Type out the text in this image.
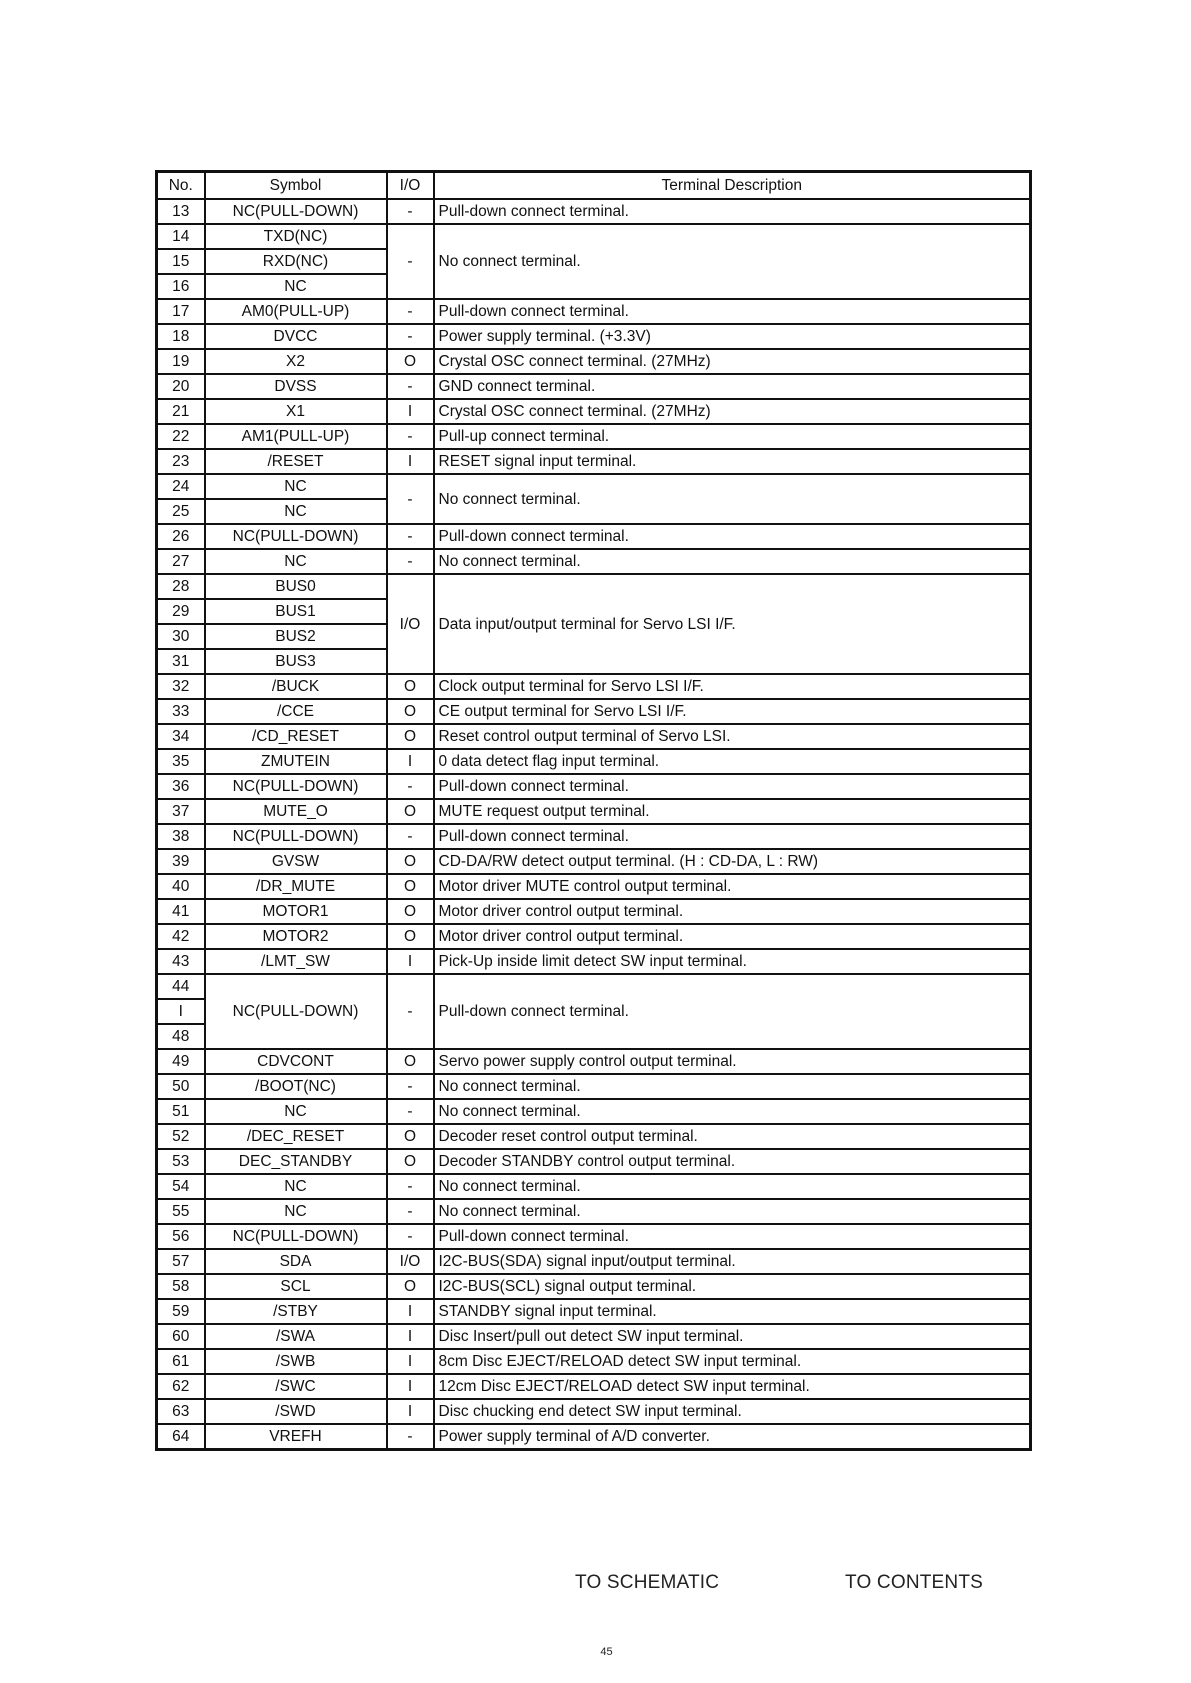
No.	Symbol	I/O	Terminal Description
13	NC(PULL-DOWN)	-	Pull-down connect terminal.
14	TXD(NC)	-	No connect terminal.
15	RXD(NC)		
16	NC		
17	AM0(PULL-UP)	-	Pull-down connect terminal.
18	DVCC	-	Power supply terminal. (+3.3V)
19	X2	O	Crystal OSC connect terminal. (27MHz)
20	DVSS	-	GND connect terminal.
21	X1	I	Crystal OSC connect terminal. (27MHz)
22	AM1(PULL-UP)	-	Pull-up connect terminal.
23	/RESET	I	RESET signal input terminal.
24	NC	-	No connect terminal.
25	NC		
26	NC(PULL-DOWN)	-	Pull-down connect terminal.
27	NC	-	No connect terminal.
28	BUS0	I/O	Data input/output terminal for Servo LSI I/F.
29	BUS1		
30	BUS2		
31	BUS3		
32	/BUCK	O	Clock output terminal for Servo LSI I/F.
33	/CCE	O	CE output terminal for Servo LSI I/F.
34	/CD_RESET	O	Reset control output terminal of Servo LSI.
35	ZMUTEIN	I	0 data detect flag input terminal.
36	NC(PULL-DOWN)	-	Pull-down connect terminal.
37	MUTE_O	O	MUTE request output terminal.
38	NC(PULL-DOWN)	-	Pull-down connect terminal.
39	GVSW	O	CD-DA/RW detect output terminal. (H : CD-DA, L : RW)
40	/DR_MUTE	O	Motor driver MUTE control output terminal.
41	MOTOR1	O	Motor driver control output terminal.
42	MOTOR2	O	Motor driver control output terminal.
43	/LMT_SW	I	Pick-Up inside limit detect SW input terminal.
44	NC(PULL-DOWN)	-	Pull-down connect terminal.
I			
48			
49	CDVCONT	O	Servo power supply control output terminal.
50	/BOOT(NC)	-	No connect terminal.
51	NC	-	No connect terminal.
52	/DEC_RESET	O	Decoder reset control output terminal.
53	DEC_STANDBY	O	Decoder STANDBY control output terminal.
54	NC	-	No connect terminal.
55	NC	-	No connect terminal.
56	NC(PULL-DOWN)	-	Pull-down connect terminal.
57	SDA	I/O	I2C-BUS(SDA) signal input/output terminal.
58	SCL	O	I2C-BUS(SCL) signal output terminal.
59	/STBY	I	STANDBY signal input terminal.
60	/SWA	I	Disc Insert/pull out detect SW input terminal.
61	/SWB	I	8cm Disc EJECT/RELOAD detect SW input terminal.
62	/SWC	I	12cm Disc EJECT/RELOAD detect SW input terminal.
63	/SWD	I	Disc chucking end detect SW input terminal.
64	VREFH	-	Power supply terminal of A/D converter.
TO SCHEMATIC	TO CONTENTS
45
